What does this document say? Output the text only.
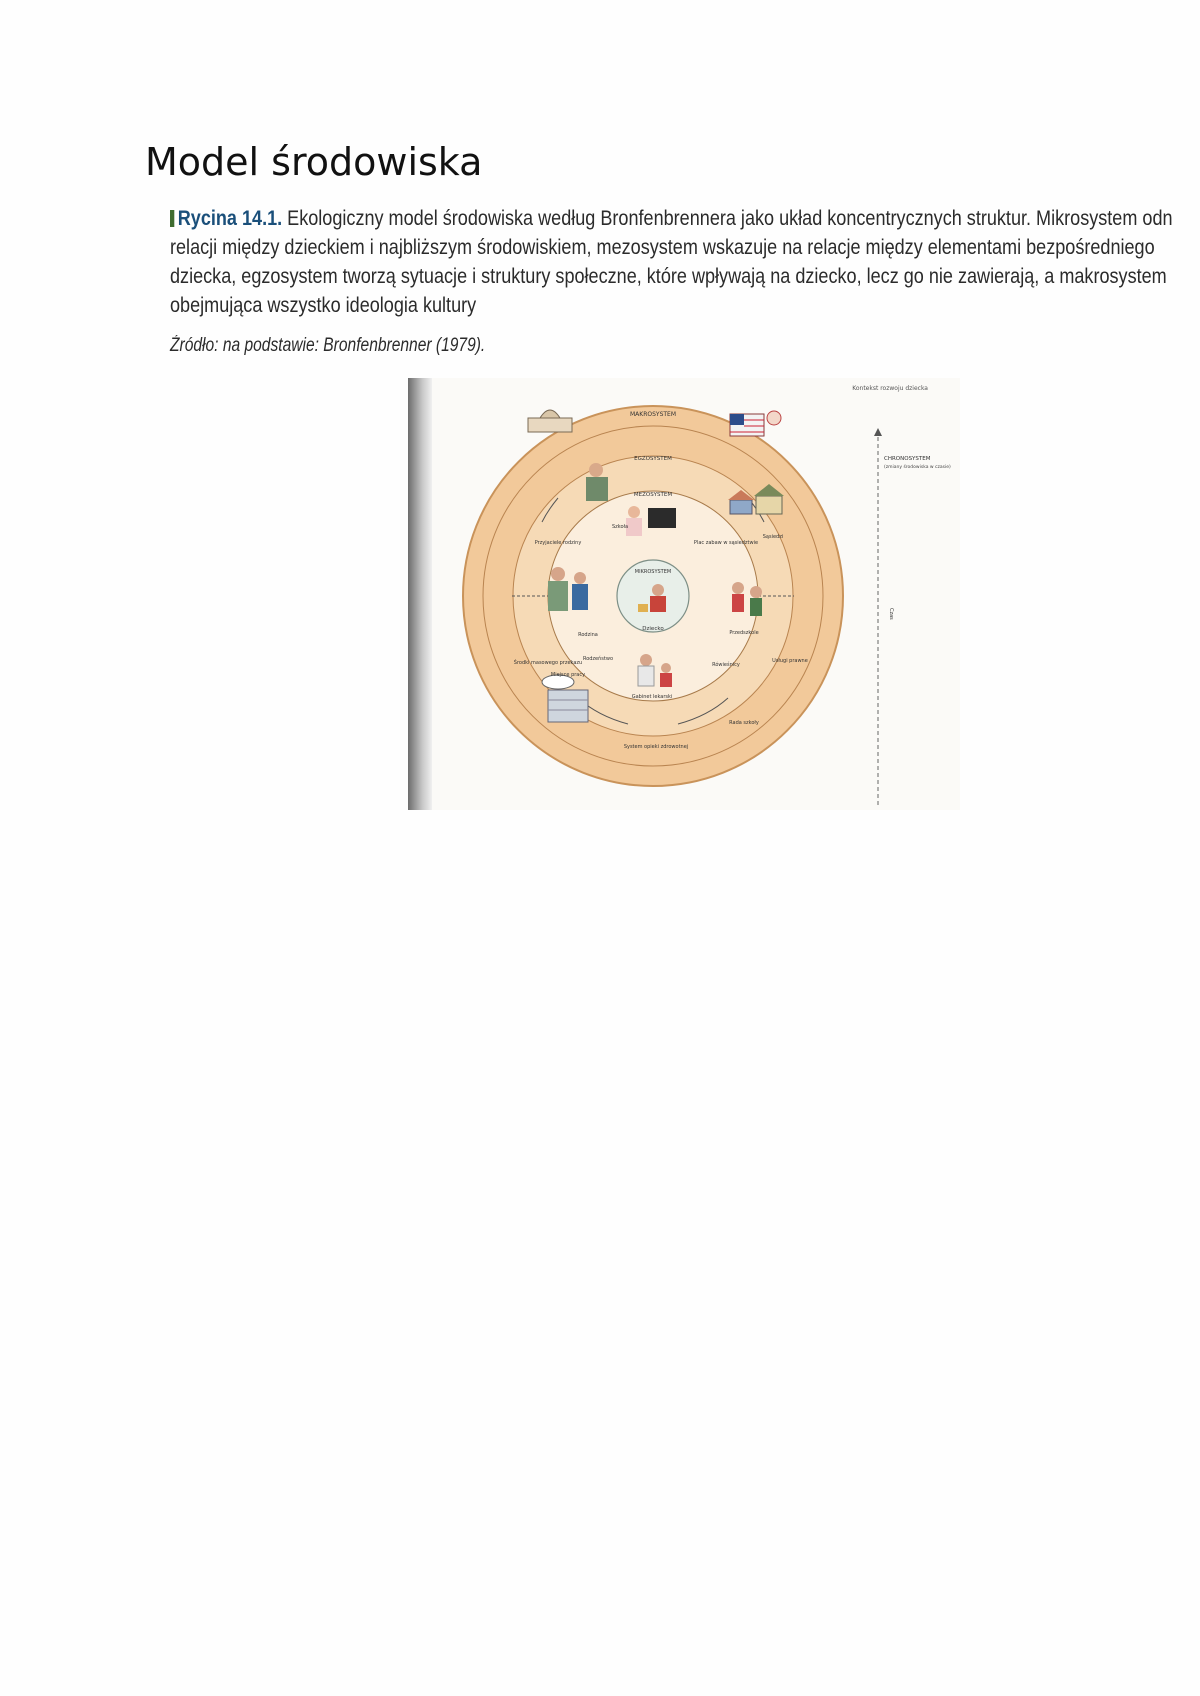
Model środowiska
Rycina 14.1. Ekologiczny model środowiska według Bronfenbrennera jako układ koncentrycznych struktur. Mikrosystem odn
relacji między dzieckiem i najbliższym środowiskiem, mezosystem wskazuje na relacje między elementami bezpośredniego
dziecka, egzosystem tworzą sytuacje i struktury społeczne, które wpływają na dziecko, lecz go nie zawierają, a makrosystem
obejmująca wszystko ideologia kultury
Źródło: na podstawie: Bronfenbrenner (1979).
Kontekst rozwoju dziecka
MAKROSYSTEM
EGZOSYSTEM
MEZOSYSTEM
MIKROSYSTEM
Dziecko
Szkoła
Przyjaciele rodziny	Plac zabaw w sąsiedztwie
Sąsiedzi
Rodzina	Przedszkole
Rodzeństwo
Rówieśnicy
Gabinet lekarski
Środki masowego przekazu
Miejsce pracy
Usługi prawne
Rada szkoły
System opieki zdrowotnej
CHRONOSYSTEM
(zmiany środowiska w czasie)
Czas
